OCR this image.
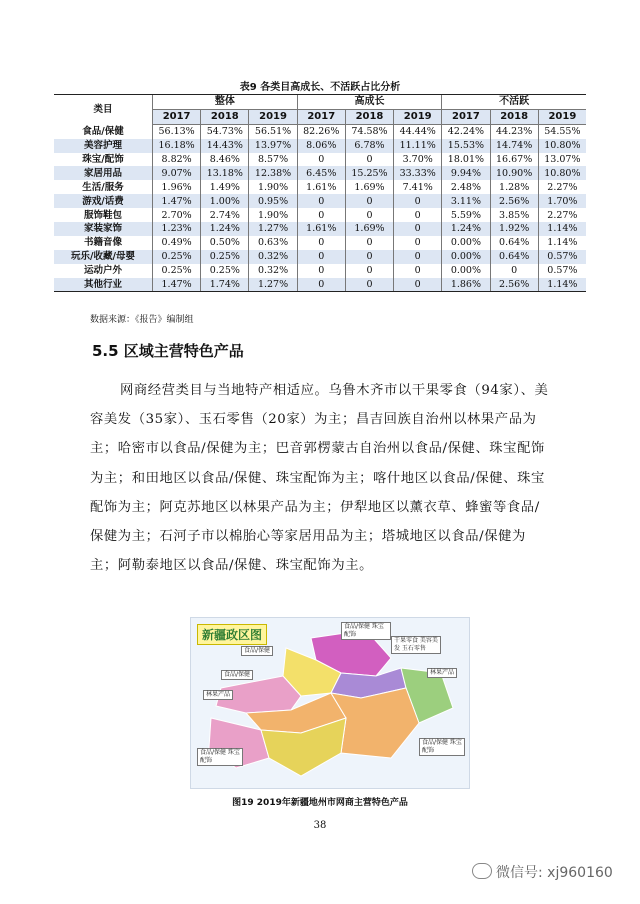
表9 各类目高成长、不活跃占比分析
类目	整体			高成长			不活跃		
	2017	2018	2019	2017	2018	2019	2017	2018	2019
食品/保健	56.13%	54.73%	56.51%	82.26%	74.58%	44.44%	42.24%	44.23%	54.55%
美容护理	16.18%	14.43%	13.97%	8.06%	6.78%	11.11%	15.53%	14.74%	10.80%
珠宝/配饰	8.82%	8.46%	8.57%	0	0	3.70%	18.01%	16.67%	13.07%
家居用品	9.07%	13.18%	12.38%	6.45%	15.25%	33.33%	9.94%	10.90%	10.80%
生活/服务	1.96%	1.49%	1.90%	1.61%	1.69%	7.41%	2.48%	1.28%	2.27%
游戏/话费	1.47%	1.00%	0.95%	0	0	0	3.11%	2.56%	1.70%
服饰鞋包	2.70%	2.74%	1.90%	0	0	0	5.59%	3.85%	2.27%
家装家饰	1.23%	1.24%	1.27%	1.61%	1.69%	0	1.24%	1.92%	1.14%
书籍音像	0.49%	0.50%	0.63%	0	0	0	0.00%	0.64%	1.14%
玩乐/收藏/母婴	0.25%	0.25%	0.32%	0	0	0	0.00%	0.64%	0.57%
运动户外	0.25%	0.25%	0.32%	0	0	0	0.00%	0	0.57%
其他行业	1.47%	1.74%	1.27%	0	0	0	1.86%	2.56%	1.14%
数据来源：《报告》编制组
5.5 区域主营特色产品
网商经营类目与当地特产相适应。乌鲁木齐市以干果零食（94家）、美容美发（35家）、玉石零售（20家）为主；昌吉回族自治州以林果产品为主；哈密市以食品/保健为主；巴音郭楞蒙古自治州以食品/保健、珠宝配饰为主；和田地区以食品/保健、珠宝配饰为主；喀什地区以食品/保健、珠宝配饰为主；阿克苏地区以林果产品为主；伊犁地区以薰衣草、蜂蜜等食品/保健为主；石河子市以棉胎心等家居用品为主；塔城地区以食品/保健为主；阿勒泰地区以食品/保健、珠宝配饰为主。
新疆政区图
食品/保健 珠宝配饰
干果零食 美容美发 玉石零售
食品/保健
林果产品
食品/保健
林果产品
食品/保健 珠宝配饰
食品/保健 珠宝配饰
图19 2019年新疆地州市网商主营特色产品
38
微信号: xj960160
